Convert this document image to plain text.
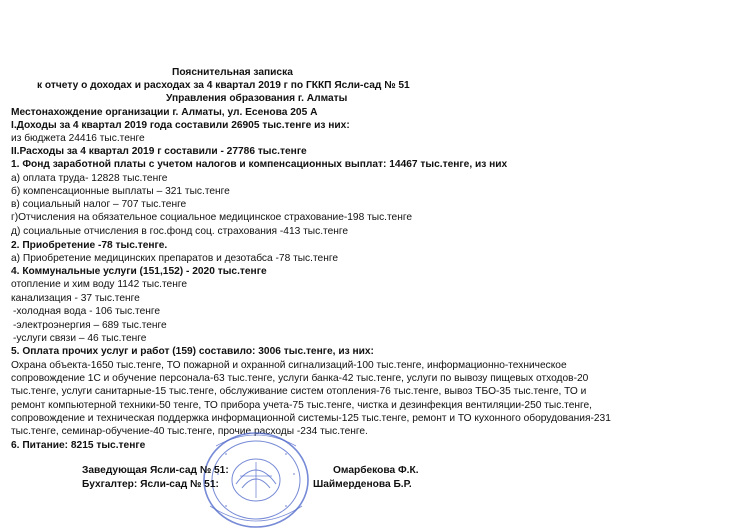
Пояснительная записка
к отчету о доходах и расходах за 4 квартал 2019 г по ГККП Ясли-сад № 51
Управления образования г. Алматы
Местонахождение организации г. Алматы, ул. Есенова 205 А
I.Доходы за 4 квартал 2019 года составили 26905 тыс.тенге из них:
из бюджета 24416 тыс.тенге
II.Расходы за 4 квартал 2019 г составили - 27786 тыс.тенге
1. Фонд заработной платы с учетом налогов и компенсационных выплат: 14467 тыс.тенге, из них
а) оплата труда- 12828 тыс.тенге
б) компенсационные выплаты – 321 тыс.тенге
в) социальный налог – 707 тыс.тенге
г)Отчисления на обязательное социальное медицинское страхование-198 тыс.тенге
д) социальные отчисления в гос.фонд соц. страхования -413 тыс.тенге
2. Приобретение -78 тыс.тенге.
а) Приобретение медицинских препаратов и дезотабса -78 тыс.тенге
4. Коммунальные услуги (151,152) - 2020 тыс.тенге
отопление и хим воду 1142 тыс.тенге
канализация - 37 тыс.тенге
-холодная вода - 106 тыс.тенге
-электроэнергия – 689 тыс.тенге
-услуги связи – 46 тыс.тенге
5. Оплата прочих услуг и работ (159) составило: 3006 тыс.тенге, из них:
Охрана объекта-1650 тыс.тенге, ТО пожарной и охранной сигнализаций-100 тыс.тенге, информационно-техническое
сопровождение 1С и обучение персонала-63 тыс.тенге, услуги банка-42 тыс.тенге, услуги по вывозу пищевых отходов-20
тыс.тенге, услуги санитарные-15 тыс.тенге, обслуживание систем отопления-76 тыс.тенге, вывоз ТБО-35 тыс.тенге, ТО и
ремонт компьютерной техники-50 тенге, ТО прибора учета-75 тыс.тенге, чистка и дезинфекция вентиляции-250 тыс.тенге,
сопровождение и техническая поддержка информационной системы-125 тыс.тенге, ремонт и ТО кухонного оборудования-231
тыс.тенге, семинар-обучение-40 тыс.тенге, прочие расходы -234 тыс.тенге.
6. Питание: 8215 тыс.тенге
Заведующая Ясли-сад № 51:	Омарбекова Ф.К.
Бухгалтер: Ясли-сад № 51:	Шаймерденова Б.Р.
